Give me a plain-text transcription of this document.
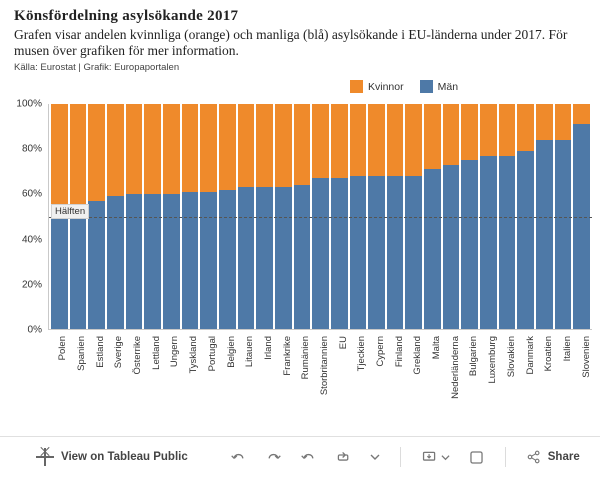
Könsfördelning asylsökande 2017
Grafen visar andelen kvinnliga (orange) och manliga (blå) asylsökande i EU-länderna under 2017. För musen över grafiken för mer information.
Källa: Eurostat | Grafik: Europaportalen
Kvinnor	Män
0%
20%
40%
60%
80%
100%
Hälften
Polen Spanien Estland Sverige Österrike Lettland Ungern Tyskland Portugal Belgien Litauen Irland Frankrike Rumänien Storbritannien EU Tjeckien Cypern Finland Grekland Malta Nederländerna Bulgarien Luxemburg Slovakien Danmark Kroatien Italien Slovenien
View on Tableau Public	Share
